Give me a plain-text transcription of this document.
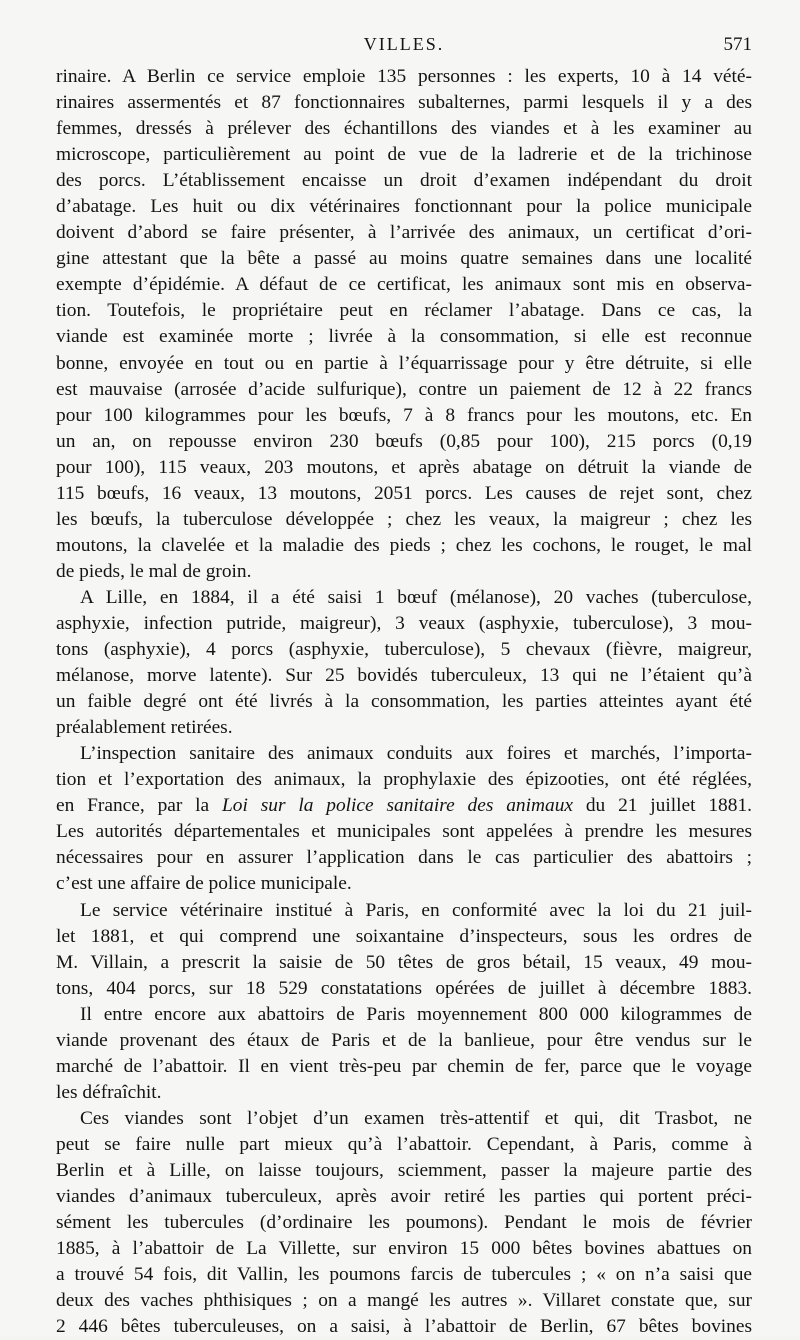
VILLES.	571
rinaire. A Berlin ce service emploie 135 personnes : les experts, 10 à 14 vété-
rinaires assermentés et 87 fonctionnaires subalternes, parmi lesquels il y a des
femmes, dressés à prélever des échantillons des viandes et à les examiner au
microscope, particulièrement au point de vue de la ladrerie et de la trichinose
des porcs. L’établissement encaisse un droit d’examen indépendant du droit
d’abatage. Les huit ou dix vétérinaires fonctionnant pour la police municipale
doivent d’abord se faire présenter, à l’arrivée des animaux, un certificat d’ori-
gine attestant que la bête a passé au moins quatre semaines dans une localité
exempte d’épidémie. A défaut de ce certificat, les animaux sont mis en observa-
tion. Toutefois, le propriétaire peut en réclamer l’abatage. Dans ce cas, la
viande est examinée morte ; livrée à la consommation, si elle est reconnue
bonne, envoyée en tout ou en partie à l’équarrissage pour y être détruite, si elle
est mauvaise (arrosée d’acide sulfurique), contre un paiement de 12 à 22 francs
pour 100 kilogrammes pour les bœufs, 7 à 8 francs pour les moutons, etc. En
un an, on repousse environ 230 bœufs (0,85 pour 100), 215 porcs (0,19
pour 100), 115 veaux, 203 moutons, et après abatage on détruit la viande de
115 bœufs, 16 veaux, 13 moutons, 2051 porcs. Les causes de rejet sont, chez
les bœufs, la tuberculose développée ; chez les veaux, la maigreur ; chez les
moutons, la clavelée et la maladie des pieds ; chez les cochons, le rouget, le mal
de pieds, le mal de groin.
A Lille, en 1884, il a été saisi 1 bœuf (mélanose), 20 vaches (tuberculose,
asphyxie, infection putride, maigreur), 3 veaux (asphyxie, tuberculose), 3 mou-
tons (asphyxie), 4 porcs (asphyxie, tuberculose), 5 chevaux (fièvre, maigreur,
mélanose, morve latente). Sur 25 bovidés tuberculeux, 13 qui ne l’étaient qu’à
un faible degré ont été livrés à la consommation, les parties atteintes ayant été
préalablement retirées.
L’inspection sanitaire des animaux conduits aux foires et marchés, l’importa-
tion et l’exportation des animaux, la prophylaxie des épizooties, ont été réglées,
en France, par la Loi sur la police sanitaire des animaux du 21 juillet 1881.
Les autorités départementales et municipales sont appelées à prendre les mesures
nécessaires pour en assurer l’application dans le cas particulier des abattoirs ;
c’est une affaire de police municipale.
Le service vétérinaire institué à Paris, en conformité avec la loi du 21 juil-
let 1881, et qui comprend une soixantaine d’inspecteurs, sous les ordres de
M. Villain, a prescrit la saisie de 50 têtes de gros bétail, 15 veaux, 49 mou-
tons, 404 porcs, sur 18 529 constatations opérées de juillet à décembre 1883.
Il entre encore aux abattoirs de Paris moyennement 800 000 kilogrammes de
viande provenant des étaux de Paris et de la banlieue, pour être vendus sur le
marché de l’abattoir. Il en vient très-peu par chemin de fer, parce que le voyage
les défraîchit.
Ces viandes sont l’objet d’un examen très-attentif et qui, dit Trasbot, ne
peut se faire nulle part mieux qu’à l’abattoir. Cependant, à Paris, comme à
Berlin et à Lille, on laisse toujours, sciemment, passer la majeure partie des
viandes d’animaux tuberculeux, après avoir retiré les parties qui portent préci-
sément les tubercules (d’ordinaire les poumons). Pendant le mois de février
1885, à l’abattoir de La Villette, sur environ 15 000 bêtes bovines abattues on
a trouvé 54 fois, dit Vallin, les poumons farcis de tubercules ; « on n’a saisi que
deux des vaches phthisiques ; on a mangé les autres ». Villaret constate que, sur
2 446 bêtes tuberculeuses, on a saisi, à l’abattoir de Berlin, 67 bêtes bovines
